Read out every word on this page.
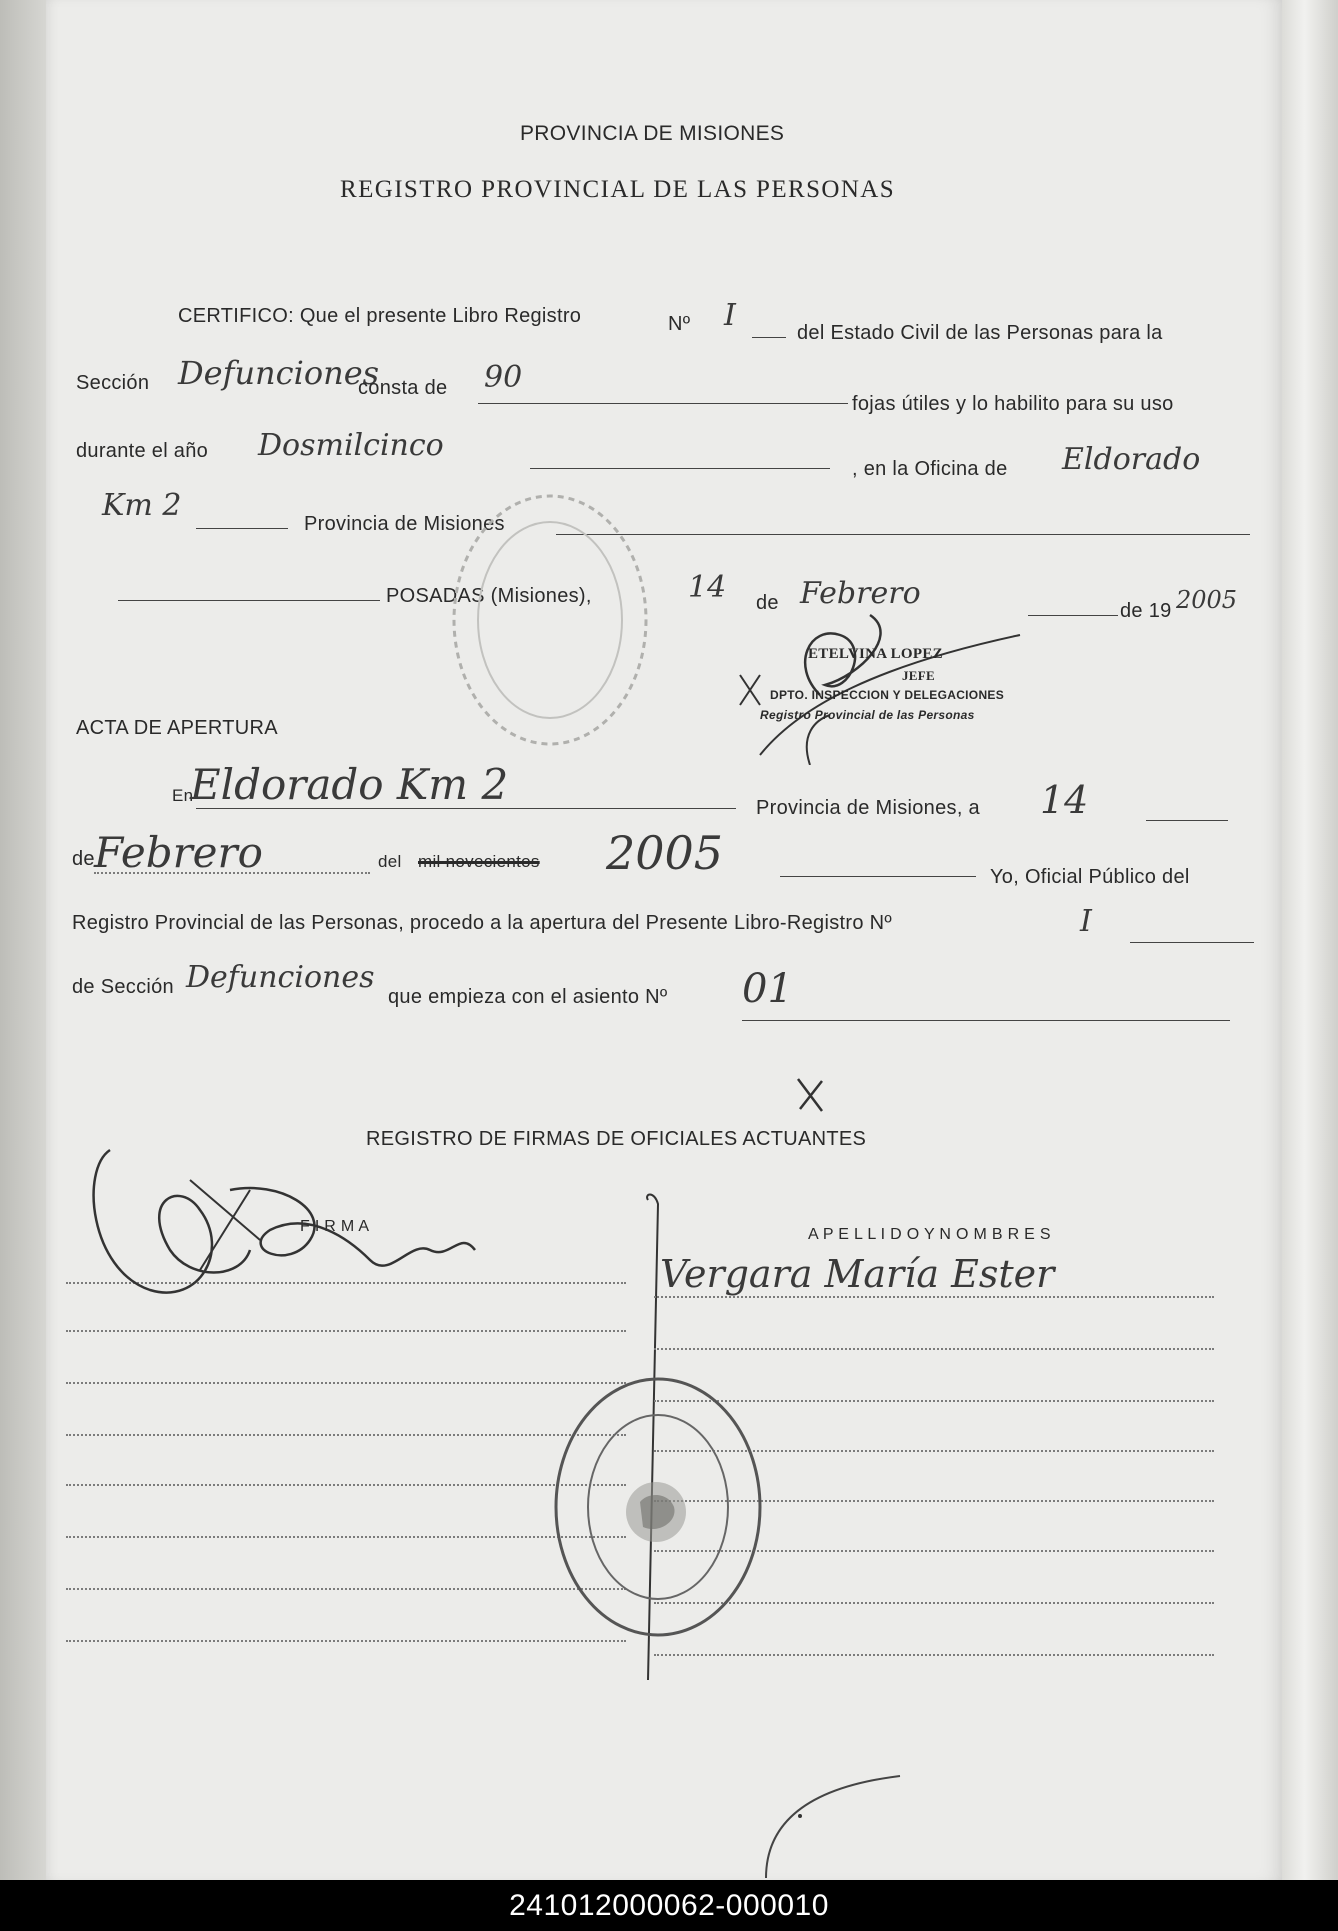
PROVINCIA DE MISIONES
REGISTRO PROVINCIAL DE LAS PERSONAS
CERTIFICO: Que el presente Libro Registro	Nº I	del Estado Civil de las Personas para la
Sección Defunciones
consta de 90
fojas útiles y lo habilito para su uso
durante el año Dosmilcinco
, en la Oficina de Eldorado
Km 2
Provincia de Misiones
POSADAS (Misiones),	14 de Febrero	de 19 2005
ETELVINA LOPEZ
JEFE
DPTO. INSPECCION Y DELEGACIONES
Registro Provincial de las Personas
ACTA DE APERTURA
En
Eldorado Km 2	Provincia de Misiones, a 14
de Febrero	del mil novecientos 2005	Yo, Oficial Público del
Registro Provincial de las Personas, procedo a la apertura del Presente Libro-Registro Nº	I
de Sección Defunciones
que empieza con el asiento Nº 01
REGISTRO DE FIRMAS DE OFICIALES ACTUANTES
F I R M A	A P E L L I D O Y N O M B R E S
Vergara María Ester
241012000062-000010
